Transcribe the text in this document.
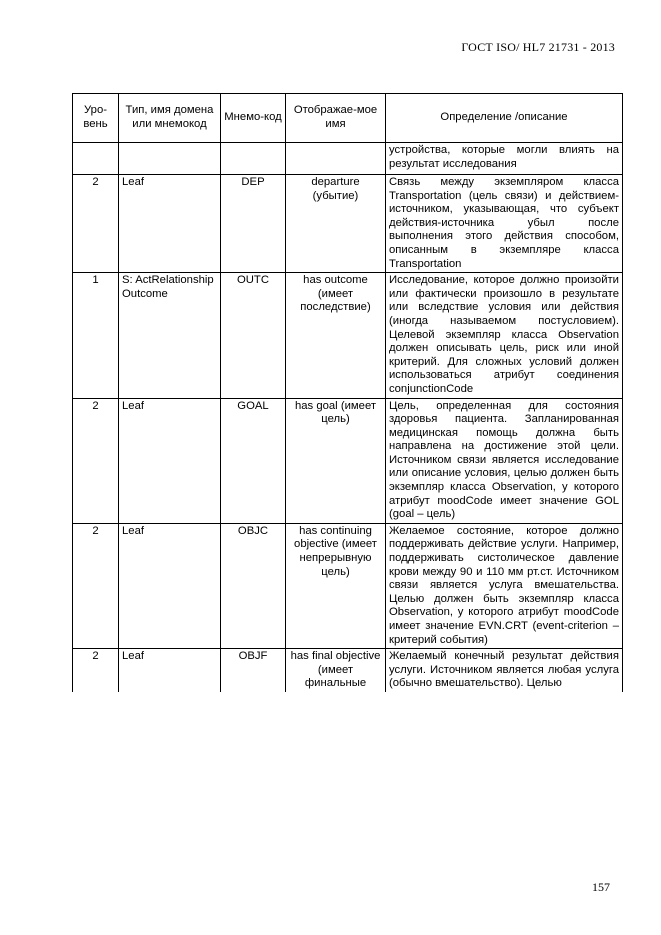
ГОСТ ISO/ HL7 21731 - 2013
Уро-вень	Тип, имя домена или мнемокод	Мнемо-код	Отображае-мое имя	Определение /описание
				устройства, которые могли влиять на результат исследования
2	Leaf	DEP	departure (убытие)	Связь между экземпляром класса Transportation (цель связи) и действием-источником, указывающая, что субъект действия-источника убыл после выполнения этого действия способом, описанным в экземпляре класса Transportation
1	S: ActRelationshipOutcome	OUTC	has outcome (имеет последствие)	Исследование, которое должно произойти или фактически произошло в результате или вследствие условия или действия (иногда называемом постусловием). Целевой экземпляр класса Observation должен описывать цель, риск или иной критерий. Для сложных условий должен использоваться атрибут соединения conjunctionCode
2	Leaf	GOAL	has goal (имеет цель)	Цель, определенная для состояния здоровья пациента. Запланированная медицинская помощь должна быть направлена на достижение этой цели. Источником связи является исследование или описание условия, целью должен быть экземпляр класса Observation, у которого атрибут moodCode имеет значение GOL (goal – цель)
2	Leaf	OBJC	has continuing objective (имеет непрерывную цель)	Желаемое состояние, которое должно поддерживать действие услуги. Например, поддерживать систолическое давление крови между 90 и 110 мм рт.ст. Источником связи является услуга вмешательства. Целью должен быть экземпляр класса Observation, у которого атрибут moodCode имеет значение EVN.CRT (event-criterion – критерий события)
2	Leaf	OBJF	has final objective (имеет финальные	Желаемый конечный результат действия услуги. Источником является любая услуга (обычно вмешательство). Целью
157
